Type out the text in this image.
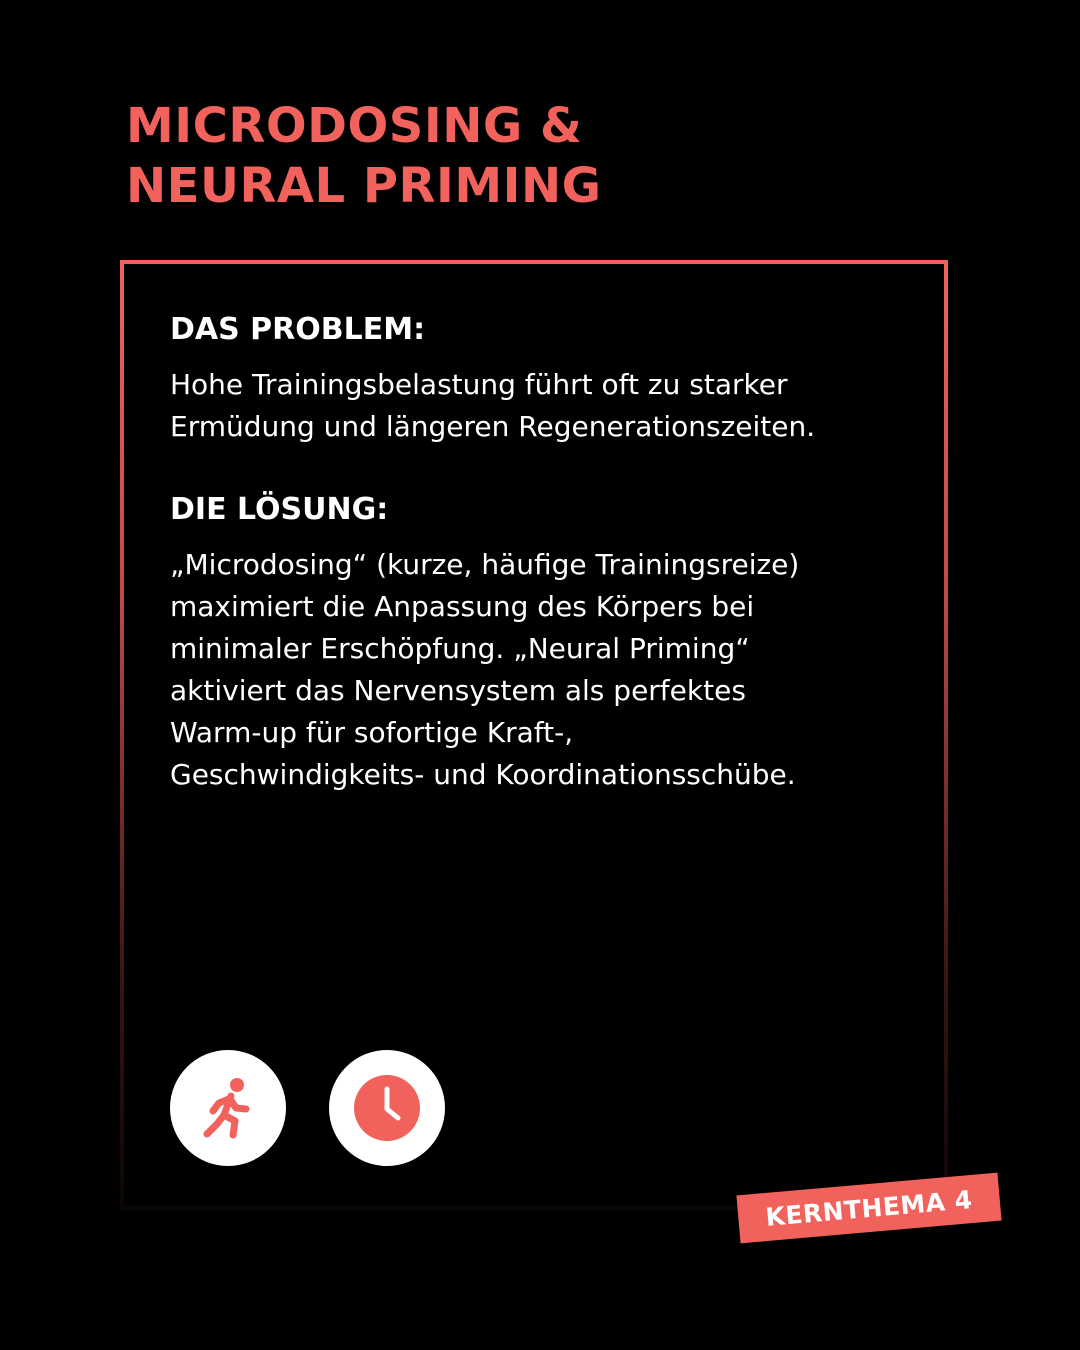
MICRODOSING &
NEURAL PRIMING
DAS PROBLEM:

Hohe Trainingsbelastung führt oft zu starker
Ermüdung und längeren Regenerationszeiten.

DIE LÖSUNG:

„Microdosing“ (kurze, häufige Trainingsreize)
maximiert die Anpassung des Körpers bei
minimaler Erschöpfung. „Neural Priming“
aktiviert das Nervensystem als perfektes
Warm-up für sofortige Kraft-,
Geschwindigkeits- und Koordinationsschübe.

KERNTHEMA 4
